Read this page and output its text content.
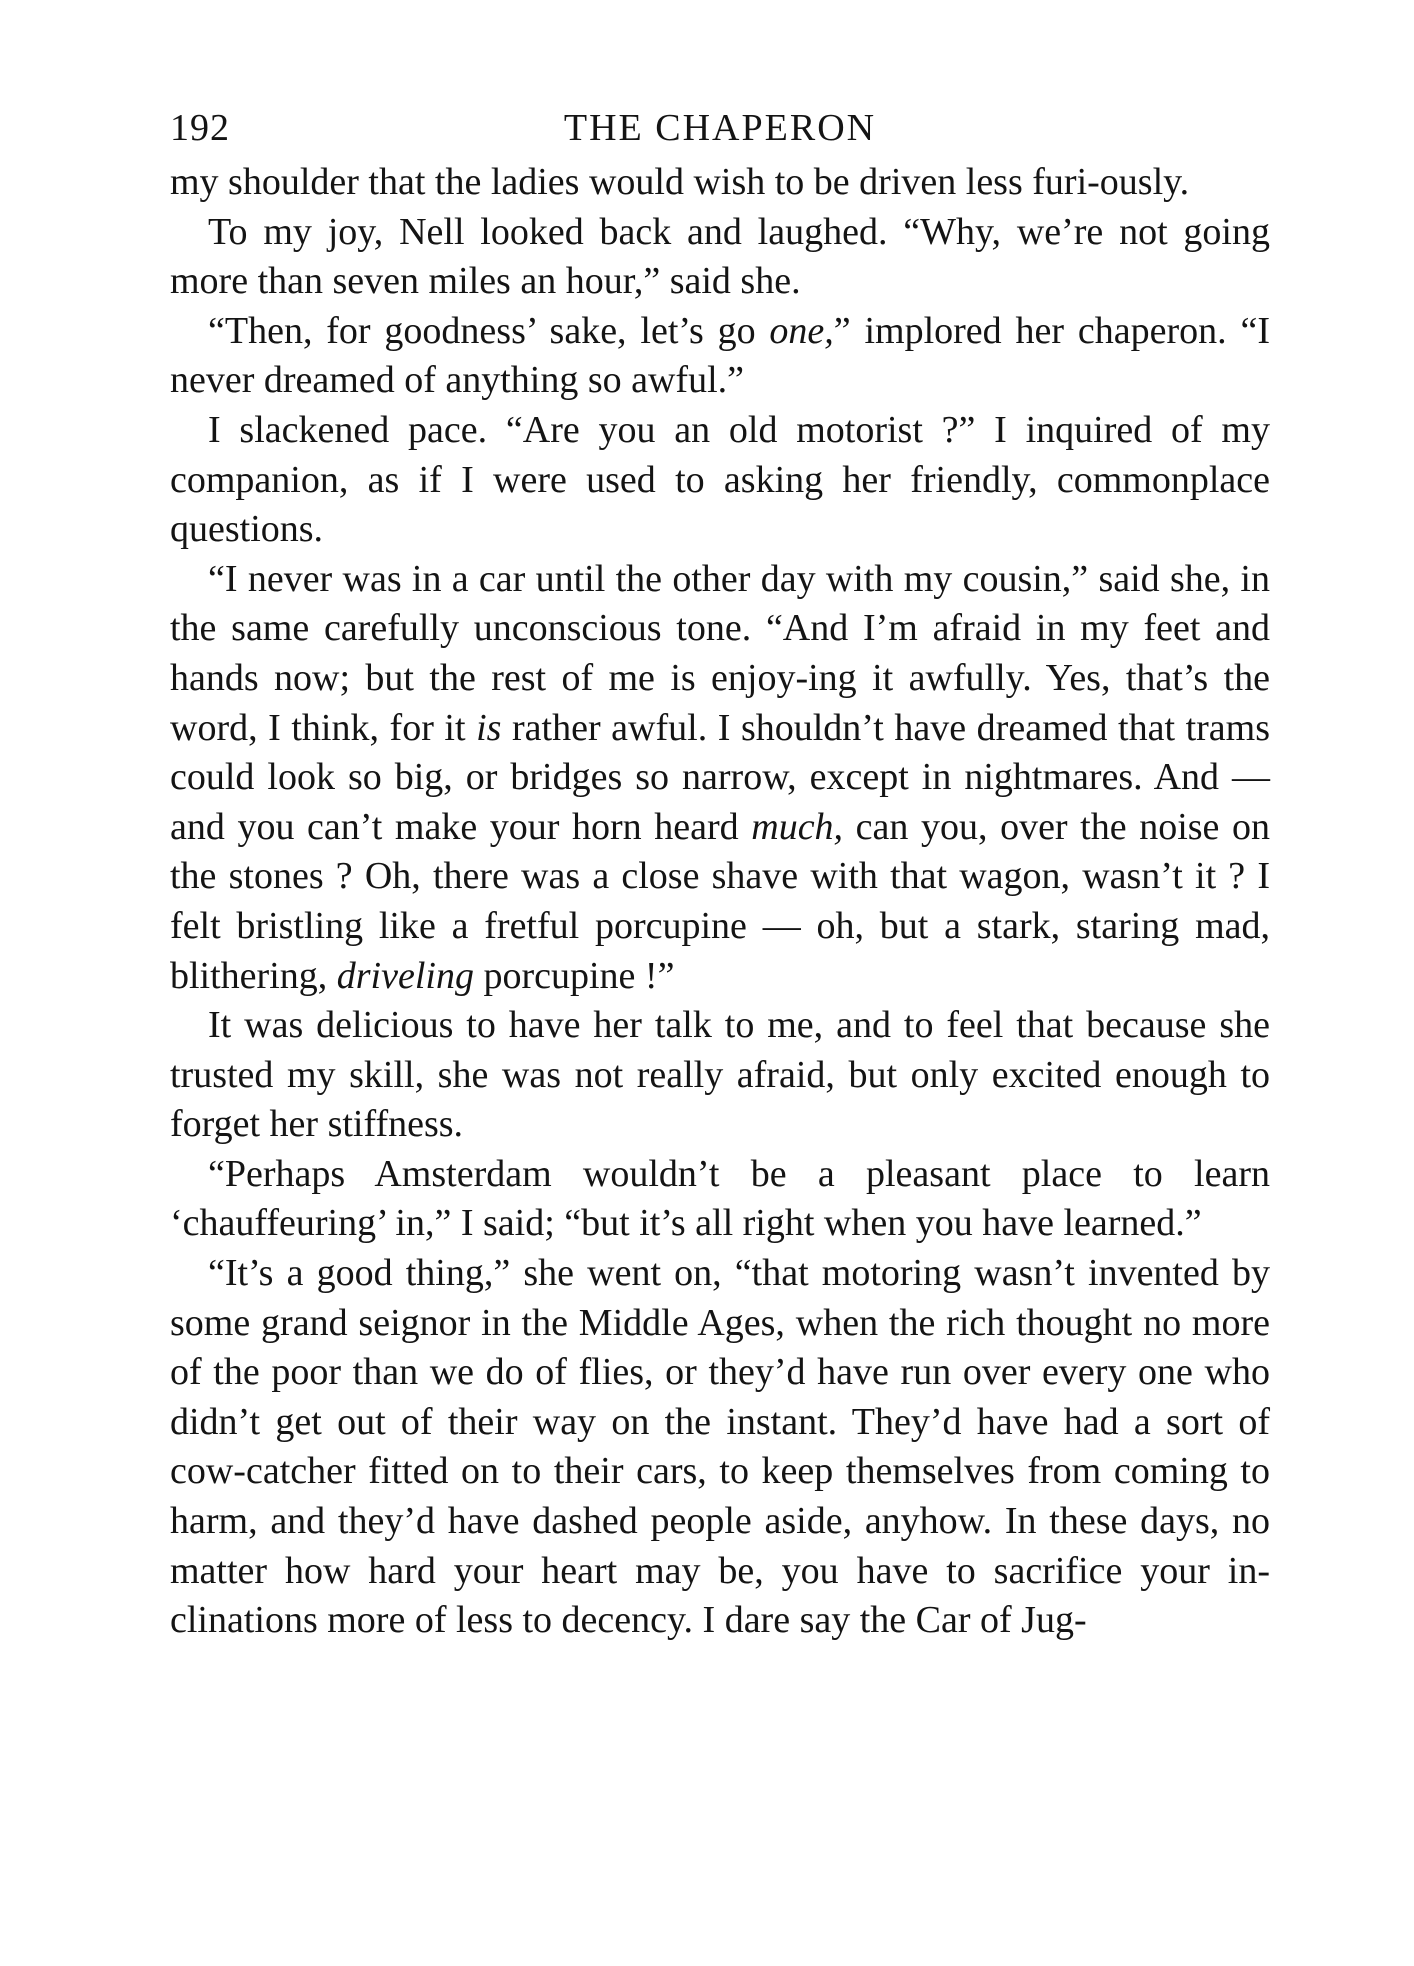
192	THE CHAPERON

my shoulder that the ladies would wish to be driven less furi-ously.

To my joy, Nell looked back and laughed. “Why, we’re not going more than seven miles an hour,” said she.

“Then, for goodness’ sake, let’s go one,” implored her chaperon. “I never dreamed of anything so awful.”

I slackened pace. “Are you an old motorist ?” I inquired of my companion, as if I were used to asking her friendly, commonplace questions.

“I never was in a car until the other day with my cousin,” said she, in the same carefully unconscious tone. “And I’m afraid in my feet and hands now; but the rest of me is enjoy-ing it awfully. Yes, that’s the word, I think, for it is rather awful. I shouldn’t have dreamed that trams could look so big, or bridges so narrow, except in nightmares. And — and you can’t make your horn heard much, can you, over the noise on the stones ? Oh, there was a close shave with that wagon, wasn’t it ? I felt bristling like a fretful porcupine — oh, but a stark, staring mad, blithering, driveling porcupine !”

It was delicious to have her talk to me, and to feel that because she trusted my skill, she was not really afraid, but only excited enough to forget her stiffness.

“Perhaps Amsterdam wouldn’t be a pleasant place to learn ‘chauffeuring’ in,” I said; “but it’s all right when you have learned.”

“It’s a good thing,” she went on, “that motoring wasn’t invented by some grand seignor in the Middle Ages, when the rich thought no more of the poor than we do of flies, or they’d have run over every one who didn’t get out of their way on the instant. They’d have had a sort of cow-catcher fitted on to their cars, to keep themselves from coming to harm, and they’d have dashed people aside, anyhow. In these days, no matter how hard your heart may be, you have to sacrifice your in-clinations more of less to decency. I dare say the Car of Jug-
